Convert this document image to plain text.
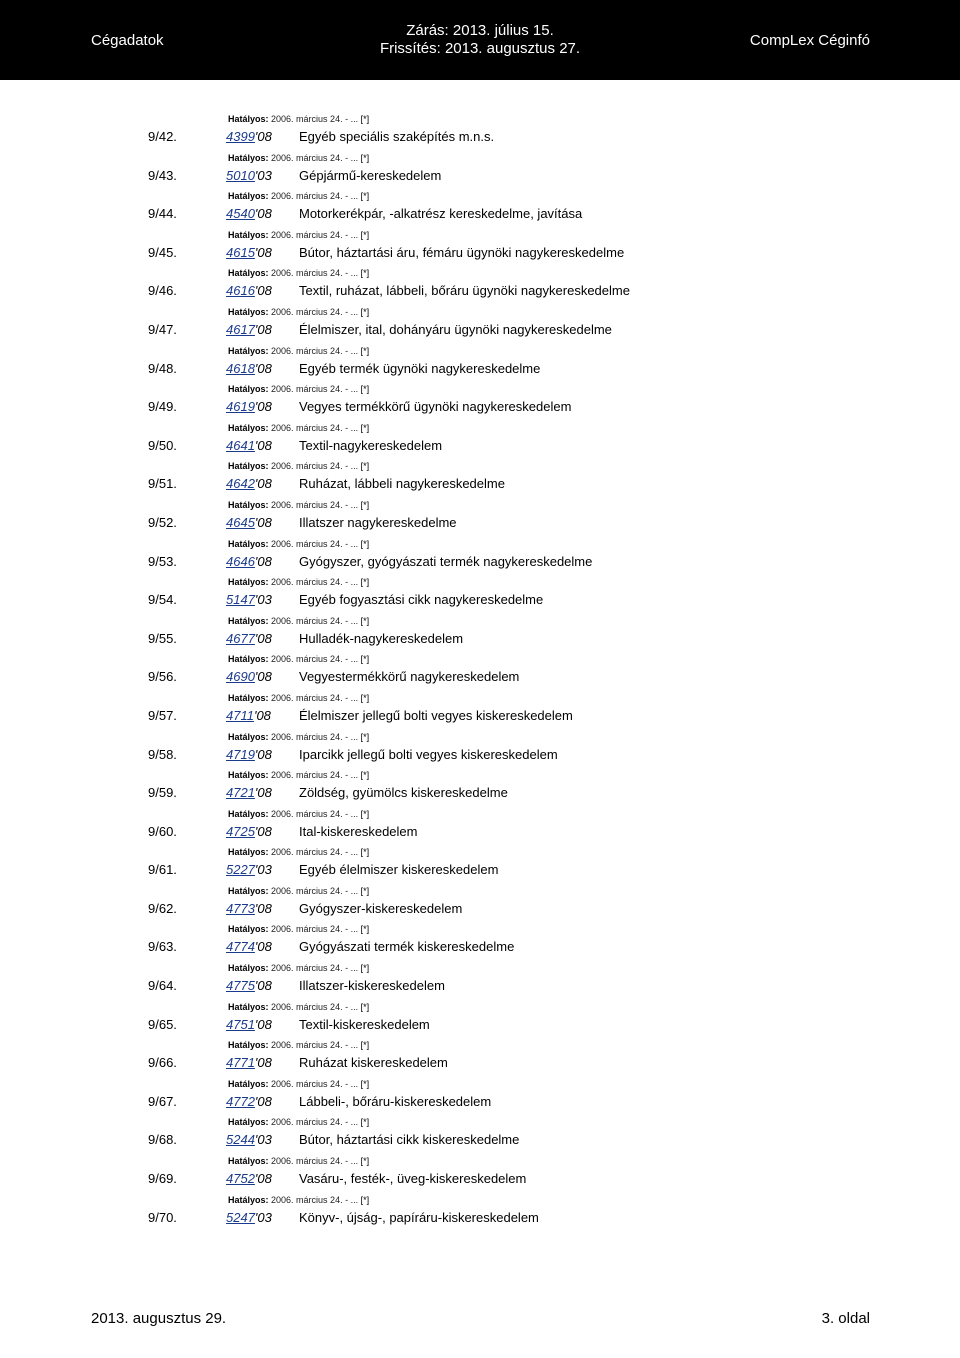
Cégadatok
Zárás: 2013. július 15.
Frissítés: 2013. augusztus 27.	CompLex Céginfó
Hatályos: 2006. március 24. - ... [*]
9/42.	4399'08 Egyéb speciális szaképítés m.n.s.
Hatályos: 2006. március 24. - ... [*]
9/43.	5010'03 Gépjármű-kereskedelem
Hatályos: 2006. március 24. - ... [*]
9/44.	4540'08 Motorkerékpár, -alkatrész kereskedelme, javítása
Hatályos: 2006. március 24. - ... [*]
9/45.	4615'08 Bútor, háztartási áru, fémáru ügynöki nagykereskedelme
Hatályos: 2006. március 24. - ... [*]
9/46.	4616'08 Textil, ruházat, lábbeli, bőráru ügynöki nagykereskedelme
Hatályos: 2006. március 24. - ... [*]
9/47.	4617'08 Élelmiszer, ital, dohányáru ügynöki nagykereskedelme
Hatályos: 2006. március 24. - ... [*]
9/48.	4618'08 Egyéb termék ügynöki nagykereskedelme
Hatályos: 2006. március 24. - ... [*]
9/49.	4619'08 Vegyes termékkörű ügynöki nagykereskedelem
Hatályos: 2006. március 24. - ... [*]
9/50.	4641'08 Textil-nagykereskedelem
Hatályos: 2006. március 24. - ... [*]
9/51.	4642'08 Ruházat, lábbeli nagykereskedelme
Hatályos: 2006. március 24. - ... [*]
9/52.	4645'08 Illatszer nagykereskedelme
Hatályos: 2006. március 24. - ... [*]
9/53.	4646'08 Gyógyszer, gyógyászati termék nagykereskedelme
Hatályos: 2006. március 24. - ... [*]
9/54.	5147'03 Egyéb fogyasztási cikk nagykereskedelme
Hatályos: 2006. március 24. - ... [*]
9/55.	4677'08 Hulladék-nagykereskedelem
Hatályos: 2006. március 24. - ... [*]
9/56.	4690'08 Vegyestermékkörű nagykereskedelem
Hatályos: 2006. március 24. - ... [*]
9/57.	4711'08 Élelmiszer jellegű bolti vegyes kiskereskedelem
Hatályos: 2006. március 24. - ... [*]
9/58.	4719'08 Iparcikk jellegű bolti vegyes kiskereskedelem
Hatályos: 2006. március 24. - ... [*]
9/59.	4721'08 Zöldség, gyümölcs kiskereskedelme
Hatályos: 2006. március 24. - ... [*]
9/60.	4725'08 Ital-kiskereskedelem
Hatályos: 2006. március 24. - ... [*]
9/61.	5227'03 Egyéb élelmiszer kiskereskedelem
Hatályos: 2006. március 24. - ... [*]
9/62.	4773'08 Gyógyszer-kiskereskedelem
Hatályos: 2006. március 24. - ... [*]
9/63.	4774'08 Gyógyászati termék kiskereskedelme
Hatályos: 2006. március 24. - ... [*]
9/64.	4775'08 Illatszer-kiskereskedelem
Hatályos: 2006. március 24. - ... [*]
9/65.	4751'08 Textil-kiskereskedelem
Hatályos: 2006. március 24. - ... [*]
9/66.	4771'08 Ruházat kiskereskedelem
Hatályos: 2006. március 24. - ... [*]
9/67.	4772'08 Lábbeli-, bőráru-kiskereskedelem
Hatályos: 2006. március 24. - ... [*]
9/68.	5244'03 Bútor, háztartási cikk kiskereskedelme
Hatályos: 2006. március 24. - ... [*]
9/69.	4752'08 Vasáru-, festék-, üveg-kiskereskedelem
Hatályos: 2006. március 24. - ... [*]
9/70.	5247'03 Könyv-, újság-, papíráru-kiskereskedelem
2013. augusztus 29.	3. oldal
